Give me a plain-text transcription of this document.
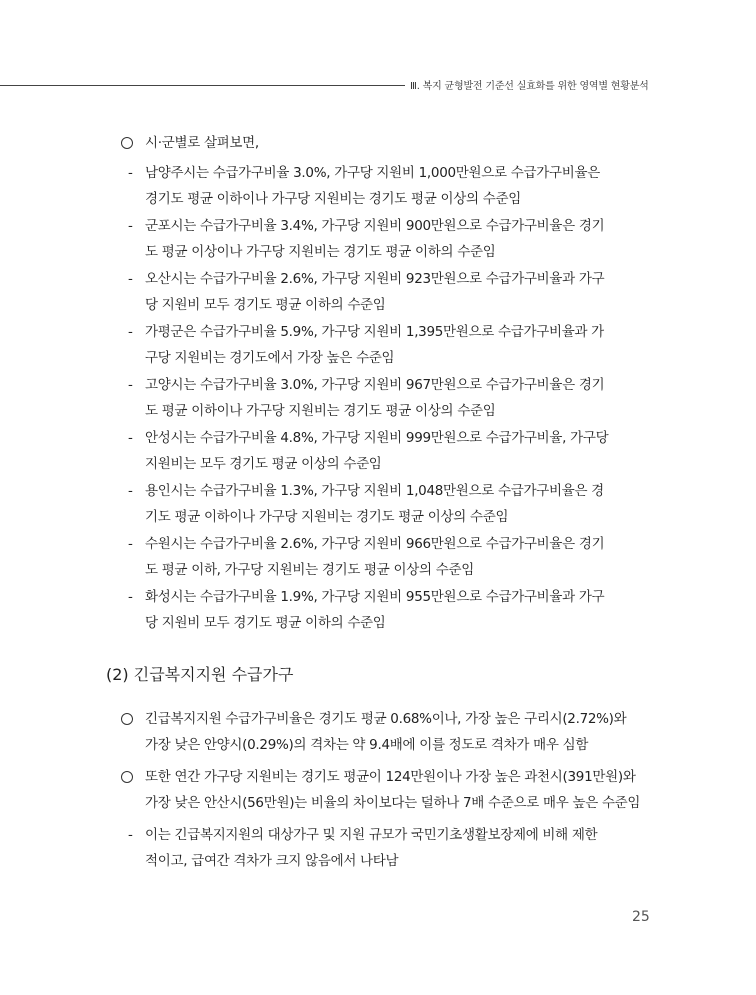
Ⅲ. 복지 균형발전 기준선 실효화를 위한 영역별 현황분석
시·군별로 살펴보면,
- 남양주시는 수급가구비율 3.0%, 가구당 지원비 1,000만원으로 수급가구비율은
경기도 평균 이하이나 가구당 지원비는 경기도 평균 이상의 수준임
- 군포시는 수급가구비율 3.4%, 가구당 지원비 900만원으로 수급가구비율은 경기
도 평균 이상이나 가구당 지원비는 경기도 평균 이하의 수준임
- 오산시는 수급가구비율 2.6%, 가구당 지원비 923만원으로 수급가구비율과 가구
당 지원비 모두 경기도 평균 이하의 수준임
- 가평군은 수급가구비율 5.9%, 가구당 지원비 1,395만원으로 수급가구비율과 가
구당 지원비는 경기도에서 가장 높은 수준임
- 고양시는 수급가구비율 3.0%, 가구당 지원비 967만원으로 수급가구비율은 경기
도 평균 이하이나 가구당 지원비는 경기도 평균 이상의 수준임
- 안성시는 수급가구비율 4.8%, 가구당 지원비 999만원으로 수급가구비율, 가구당
지원비는 모두 경기도 평균 이상의 수준임
- 용인시는 수급가구비율 1.3%, 가구당 지원비 1,048만원으로 수급가구비율은 경
기도 평균 이하이나 가구당 지원비는 경기도 평균 이상의 수준임
- 수원시는 수급가구비율 2.6%, 가구당 지원비 966만원으로 수급가구비율은 경기
도 평균 이하, 가구당 지원비는 경기도 평균 이상의 수준임
- 화성시는 수급가구비율 1.9%, 가구당 지원비 955만원으로 수급가구비율과 가구
당 지원비 모두 경기도 평균 이하의 수준임
(2) 긴급복지지원 수급가구
긴급복지지원 수급가구비율은 경기도 평균 0.68%이나, 가장 높은 구리시(2.72%)와
가장 낮은 안양시(0.29%)의 격차는 약 9.4배에 이를 정도로 격차가 매우 심함
또한 연간 가구당 지원비는 경기도 평균이 124만원이나 가장 높은 과천시(391만원)와
가장 낮은 안산시(56만원)는 비율의 차이보다는 덜하나 7배 수준으로 매우 높은 수준임
- 이는 긴급복지지원의 대상가구 및 지원 규모가 국민기초생활보장제에 비해 제한
적이고, 급여간 격차가 크지 않음에서 나타남
25
